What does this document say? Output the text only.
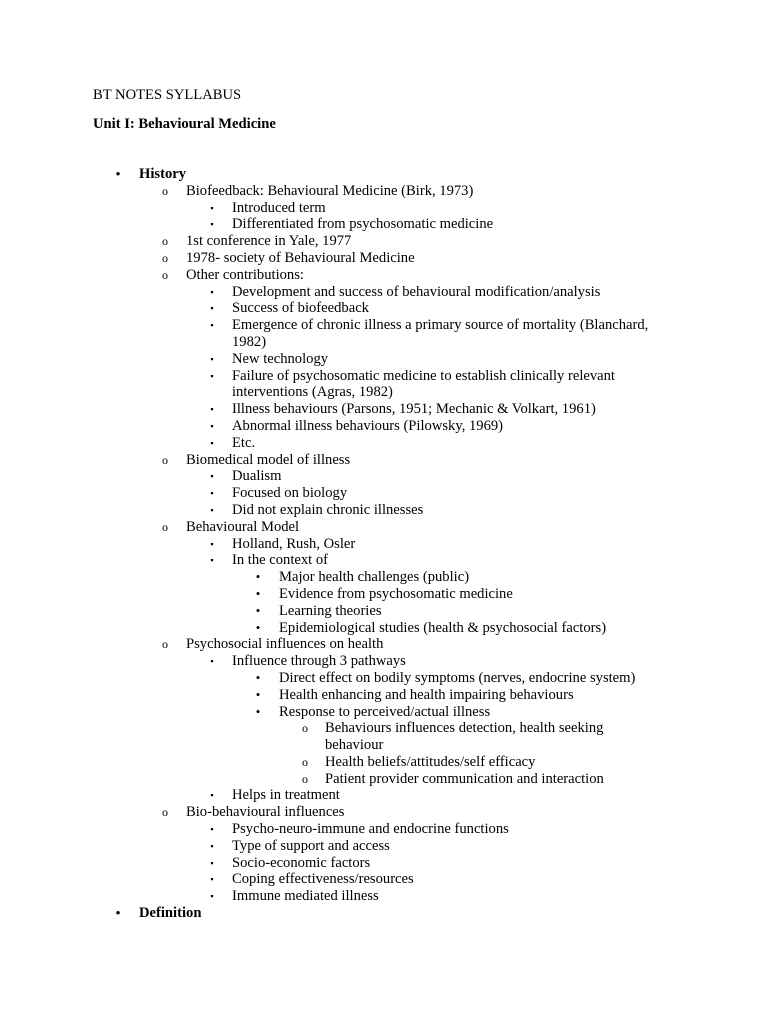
BT NOTES SYLLABUS
Unit I: Behavioural Medicine
•	History
o Biofeedback: Behavioural Medicine (Birk, 1973)
▪	Introduced term
▪	Differentiated from psychosomatic medicine
o 1st conference in Yale, 1977
o 1978- society of Behavioural Medicine
o Other contributions:
▪	Development and success of behavioural modification/analysis
▪	Success of biofeedback
▪	Emergence of chronic illness a primary source of mortality (Blanchard,
1982)
▪	New technology
▪	Failure of psychosomatic medicine to establish clinically relevant
interventions (Agras, 1982)
▪	Illness behaviours (Parsons, 1951; Mechanic & Volkart, 1961)
▪	Abnormal illness behaviours (Pilowsky, 1969)
▪	Etc.
o Biomedical model of illness
▪	Dualism
▪	Focused on biology
▪	Did not explain chronic illnesses
o Behavioural Model
▪	Holland, Rush, Osler
▪	In the context of
•	Major health challenges (public)
•	Evidence from psychosomatic medicine
•	Learning theories
•	Epidemiological studies (health & psychosocial factors)
o Psychosocial influences on health
▪	Influence through 3 pathways
•	Direct effect on bodily symptoms (nerves, endocrine system)
•	Health enhancing and health impairing behaviours
•	Response to perceived/actual illness
o Behaviours influences detection, health seeking
behaviour
o Health beliefs/attitudes/self efficacy
o Patient provider communication and interaction
▪	Helps in treatment
o Bio-behavioural influences
▪	Psycho-neuro-immune and endocrine functions
▪	Type of support and access
▪	Socio-economic factors
▪	Coping effectiveness/resources
▪	Immune mediated illness
•	Definition
